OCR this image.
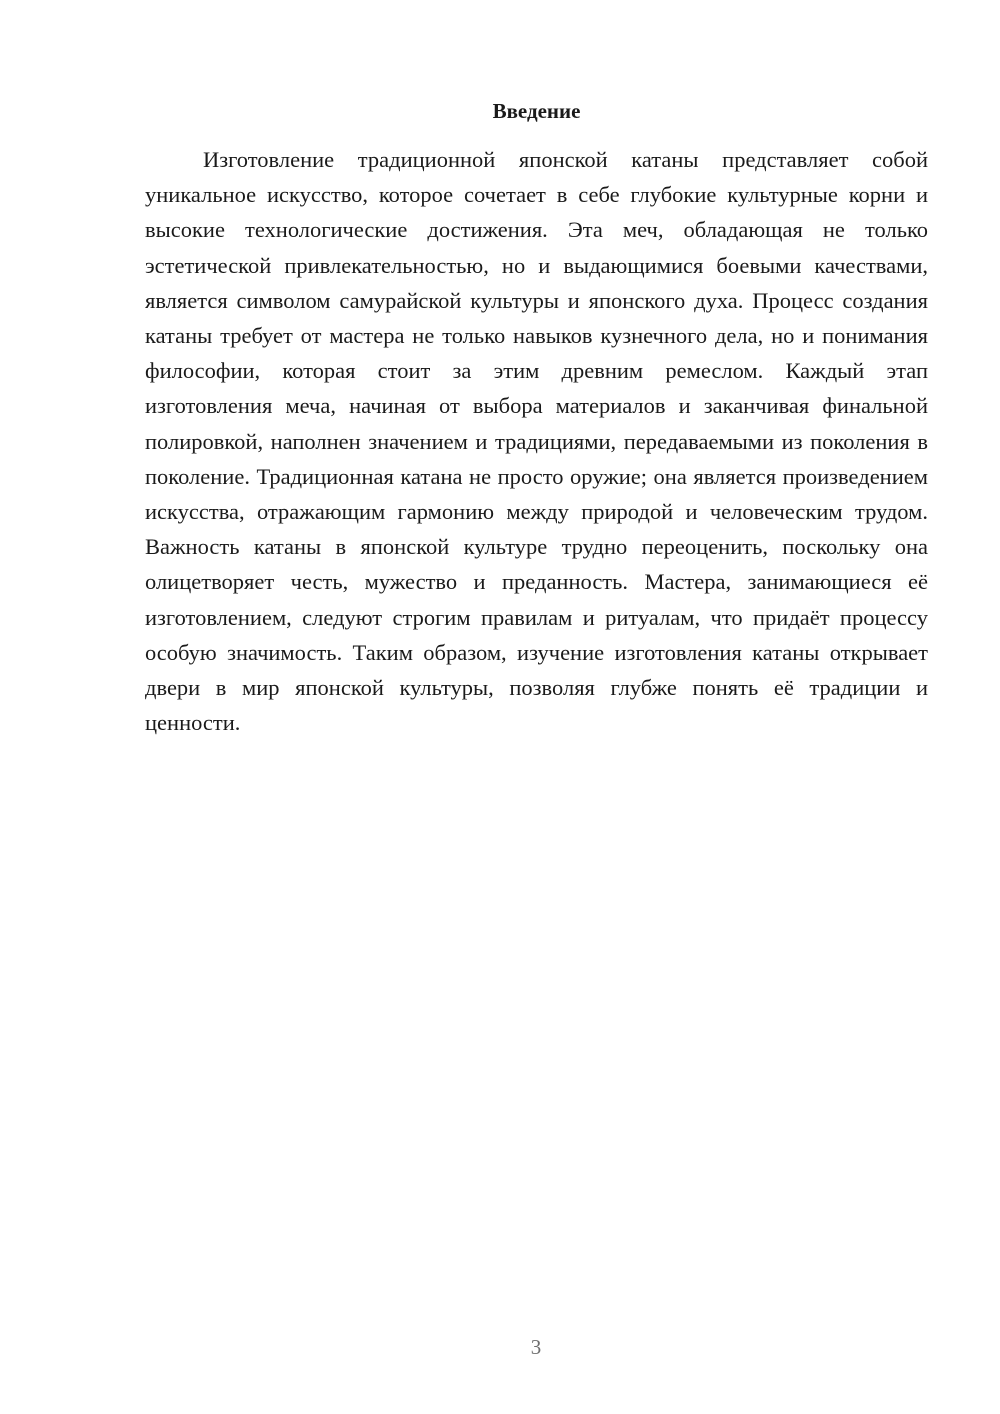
Введение

Изготовление традиционной японской катаны представляет собой уникальное искусство, которое сочетает в себе глубокие культурные корни и высокие технологические достижения. Эта меч, обладающая не только эстетической привлекательностью, но и выдающимися боевыми качествами, является символом самурайской культуры и японского духа. Процесс создания катаны требует от мастера не только навыков кузнечного дела, но и понимания философии, которая стоит за этим древним ремеслом. Каждый этап изготовления меча, начиная от выбора материалов и заканчивая финальной полировкой, наполнен значением и традициями, передаваемыми из поколения в поколение. Традиционная катана не просто оружие; она является произведением искусства, отражающим гармонию между природой и человеческим трудом. Важность катаны в японской культуре трудно переоценить, поскольку она олицетворяет честь, мужество и преданность. Мастера, занимающиеся её изготовлением, следуют строгим правилам и ритуалам, что придаёт процессу особую значимость. Таким образом, изучение изготовления катаны открывает двери в мир японской культуры, позволяя глубже понять её традиции и ценности.

3
